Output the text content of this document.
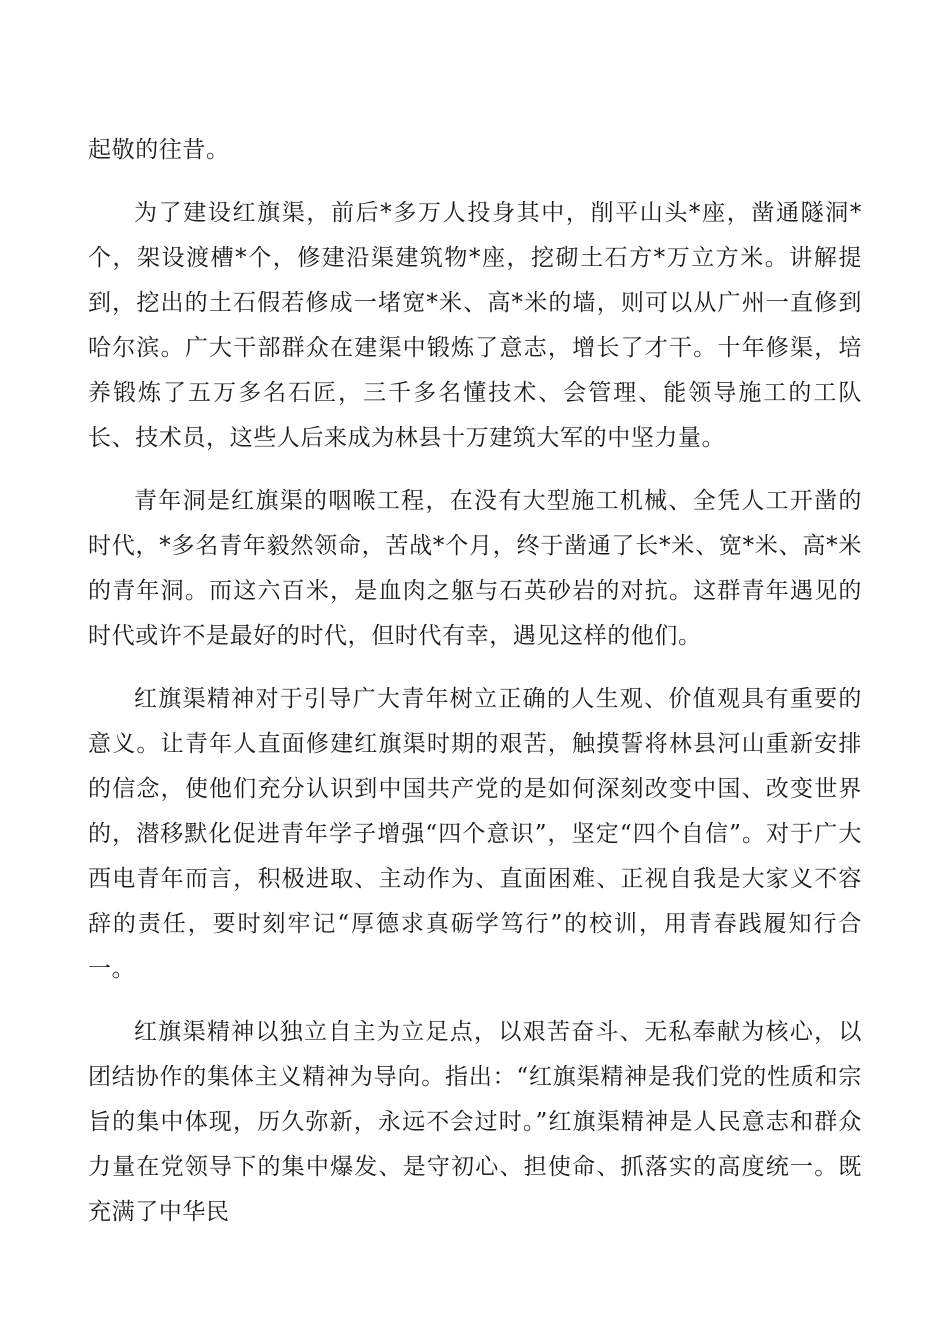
起敬的往昔。

为了建设红旗渠，前后*多万人投身其中，削平山头*座，凿通隧洞*个，架设渡槽*个，修建沿渠建筑物*座，挖砌土石方*万立方米。讲解提到，挖出的土石假若修成一堵宽*米、高*米的墙，则可以从广州一直修到哈尔滨。广大干部群众在建渠中锻炼了意志，增长了才干。十年修渠，培养锻炼了五万多名石匠，三千多名懂技术、会管理、能领导施工的工队长、技术员，这些人后来成为林县十万建筑大军的中坚力量。

青年洞是红旗渠的咽喉工程，在没有大型施工机械、全凭人工开凿的时代，*多名青年毅然领命，苦战*个月，终于凿通了长*米、宽*米、高*米的青年洞。而这六百米，是血肉之躯与石英砂岩的对抗。这群青年遇见的时代或许不是最好的时代，但时代有幸，遇见这样的他们。

红旗渠精神对于引导广大青年树立正确的人生观、价值观具有重要的意义。让青年人直面修建红旗渠时期的艰苦，触摸誓将林县河山重新安排的信念，使他们充分认识到中国共产党的是如何深刻改变中国、改变世界的，潜移默化促进青年学子增强“四个意识”，坚定“四个自信”。对于广大西电青年而言，积极进取、主动作为、直面困难、正视自我是大家义不容辞的责任，要时刻牢记“厚德求真砺学笃行”的校训，用青春践履知行合一。

红旗渠精神以独立自主为立足点，以艰苦奋斗、无私奉献为核心，以团结协作的集体主义精神为导向。指出：“红旗渠精神是我们党的性质和宗旨的集中体现，历久弥新，永远不会过时。”红旗渠精神是人民意志和群众力量在党领导下的集中爆发、是守初心、担使命、抓落实的高度统一。既充满了中华民
